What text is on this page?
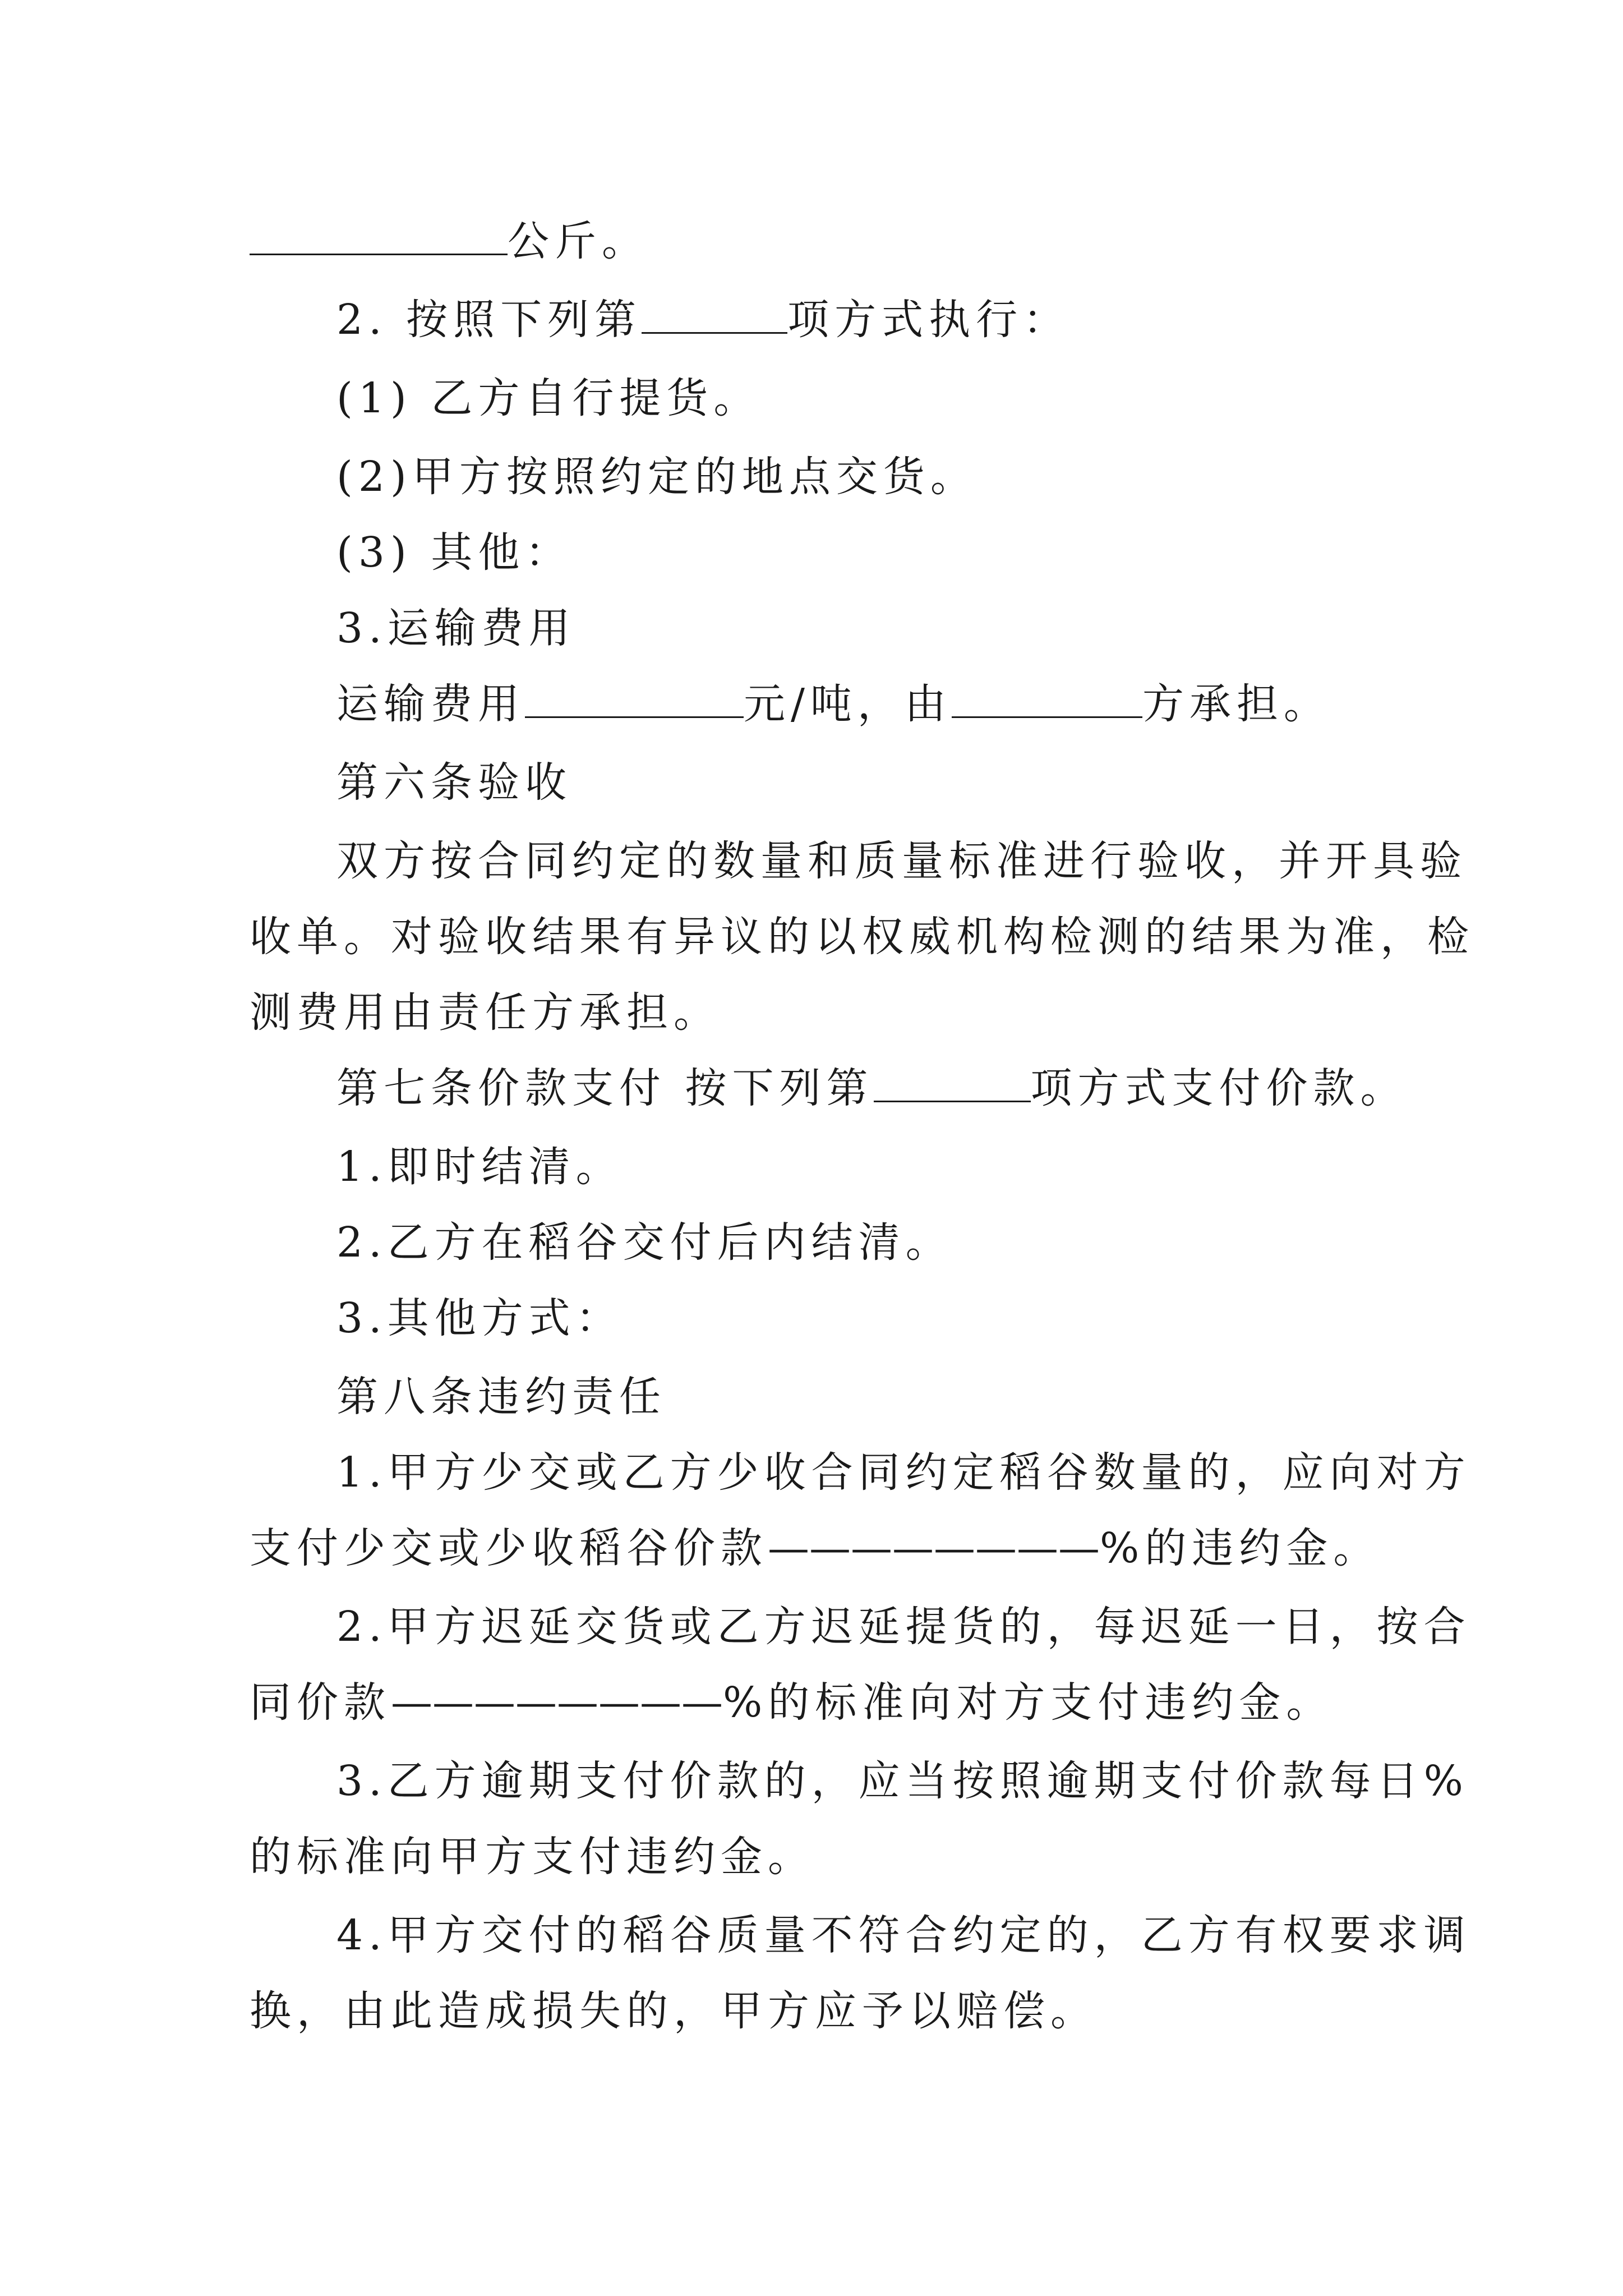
公斤。
2. 按照下列第	项方式执行：
(1) 乙方自行提货。
(2)甲方按照约定的地点交货。
(3) 其他：
3.运输费用
运输费用	元/吨，由	方承担。
第六条验收
双方按合同约定的数量和质量标准进行验收，并开具验
收单。对验收结果有异议的以权威机构检测的结果为准，检
测费用由责任方承担。
第七条价款支付 按下列第	项方式支付价款。
1.即时结清。
2.乙方在稻谷交付后内结清。
3.其他方式：
第八条违约责任
1.甲方少交或乙方少收合同约定稻谷数量的，应向对方
支付少交或少收稻谷价款————————%的违约金。
2.甲方迟延交货或乙方迟延提货的，每迟延一日，按合
同价款————————%的标准向对方支付违约金。
3.乙方逾期支付价款的，应当按照逾期支付价款每日%
的标准向甲方支付违约金。
4.甲方交付的稻谷质量不符合约定的，乙方有权要求调
换，由此造成损失的，甲方应予以赔偿。
